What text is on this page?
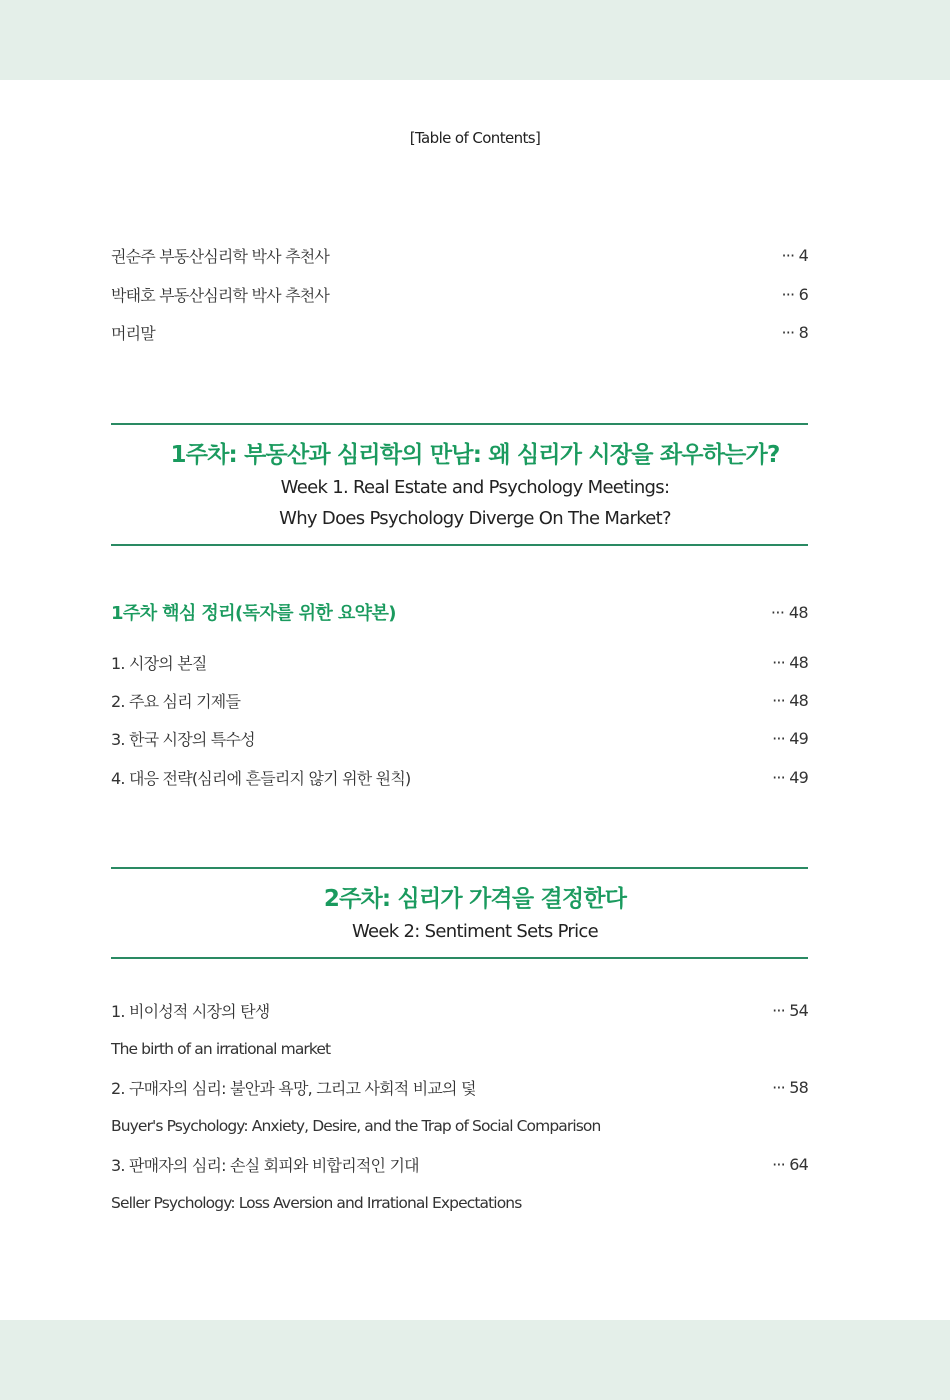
[Table of Contents]
권순주 부동산심리학 박사 추천사	··· 4
박태호 부동산심리학 박사 추천사	··· 6
머리말	··· 8
1주차: 부동산과 심리학의 만남: 왜 심리가 시장을 좌우하는가?
Week 1. Real Estate and Psychology Meetings:
Why Does Psychology Diverge On The Market?
1주차 핵심 정리(독자를 위한 요약본)	··· 48
1. 시장의 본질	··· 48
2. 주요 심리 기제들	··· 48
3. 한국 시장의 특수성	··· 49
4. 대응 전략(심리에 흔들리지 않기 위한 원칙)	··· 49
2주차: 심리가 가격을 결정한다
Week 2: Sentiment Sets Price
1. 비이성적 시장의 탄생	··· 54
The birth of an irrational market
2. 구매자의 심리: 불안과 욕망, 그리고 사회적 비교의 덫	··· 58
Buyer's Psychology: Anxiety, Desire, and the Trap of Social Comparison
3. 판매자의 심리: 손실 회피와 비합리적인 기대	··· 64
Seller Psychology: Loss Aversion and Irrational Expectations
